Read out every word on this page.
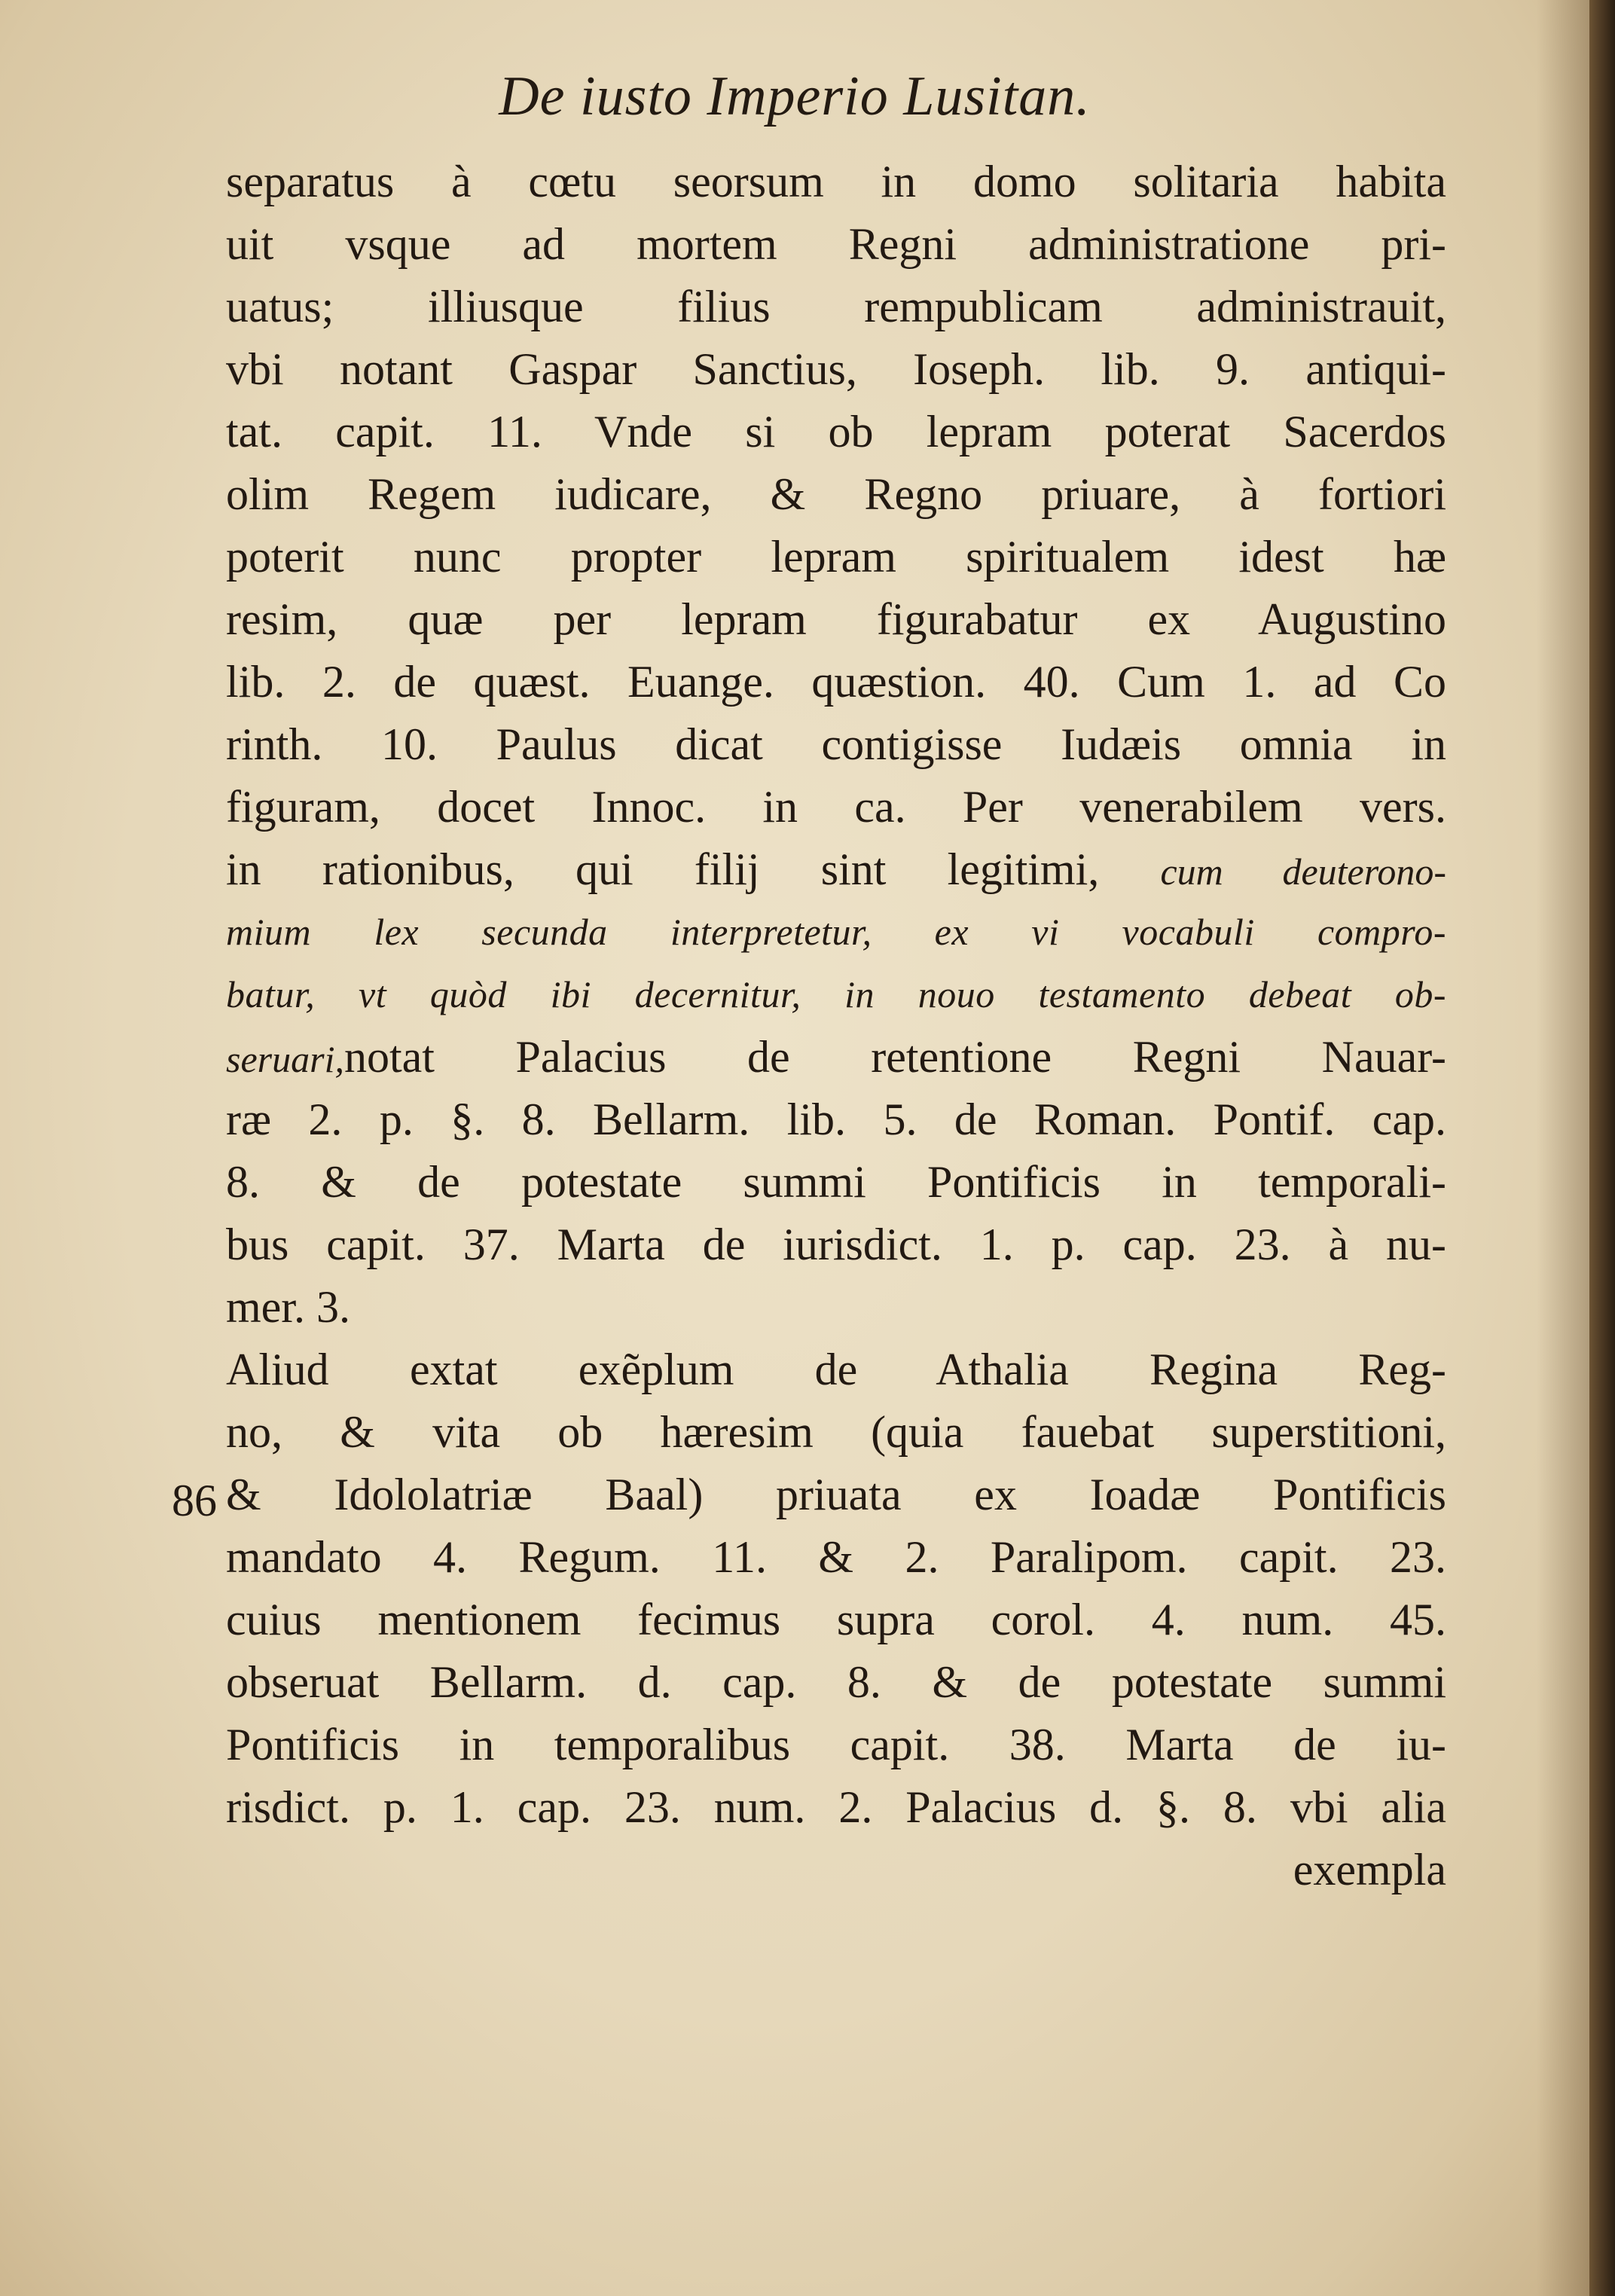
De iusto Imperio Lusitan.
86
separatus à cœtu seorsum in domo solitaria habita
uit vsque ad mortem Regni administratione pri-
uatus; illiusque filius rempublicam administrauit,
vbi notant Gaspar Sanctius, Ioseph. lib. 9. antiqui-
tat. capit. 11. Vnde si ob lepram poterat Sacerdos
olim Regem iudicare, & Regno priuare, à fortiori
poterit nunc propter lepram spiritualem idest hæ
resim, quæ per lepram figurabatur ex Augustino
lib. 2. de quæst. Euange. quæstion. 40. Cum 1. ad Co
rinth. 10. Paulus dicat contigisse Iudæis omnia in
figuram, docet Innoc. in ca. Per venerabilem vers.
in rationibus, qui filij sint legitimi, cum deuterono-
mium lex secunda interpretetur, ex vi vocabuli compro-
batur, vt quòd ibi decernitur, in nouo testamento debeat ob-
seruari,notat Palacius de retentione Regni Nauar-
ræ 2. p. §. 8. Bellarm. lib. 5. de Roman. Pontif. cap.
8. & de potestate summi Pontificis in temporali-
bus capit. 37. Marta de iurisdict. 1. p. cap. 23. à nu-
mer. 3.
Aliud extat exẽplum de Athalia Regina Reg-
no, & vita ob hæresim (quia fauebat superstitioni,
& Idololatriæ Baal) priuata ex Ioadæ Pontificis
mandato 4. Regum. 11. & 2. Paralipom. capit. 23.
cuius mentionem fecimus supra corol. 4. num. 45.
obseruat Bellarm. d. cap. 8. & de potestate summi
Pontificis in temporalibus capit. 38. Marta de iu-
risdict. p. 1. cap. 23. num. 2. Palacius d. §. 8. vbi alia
exempla
